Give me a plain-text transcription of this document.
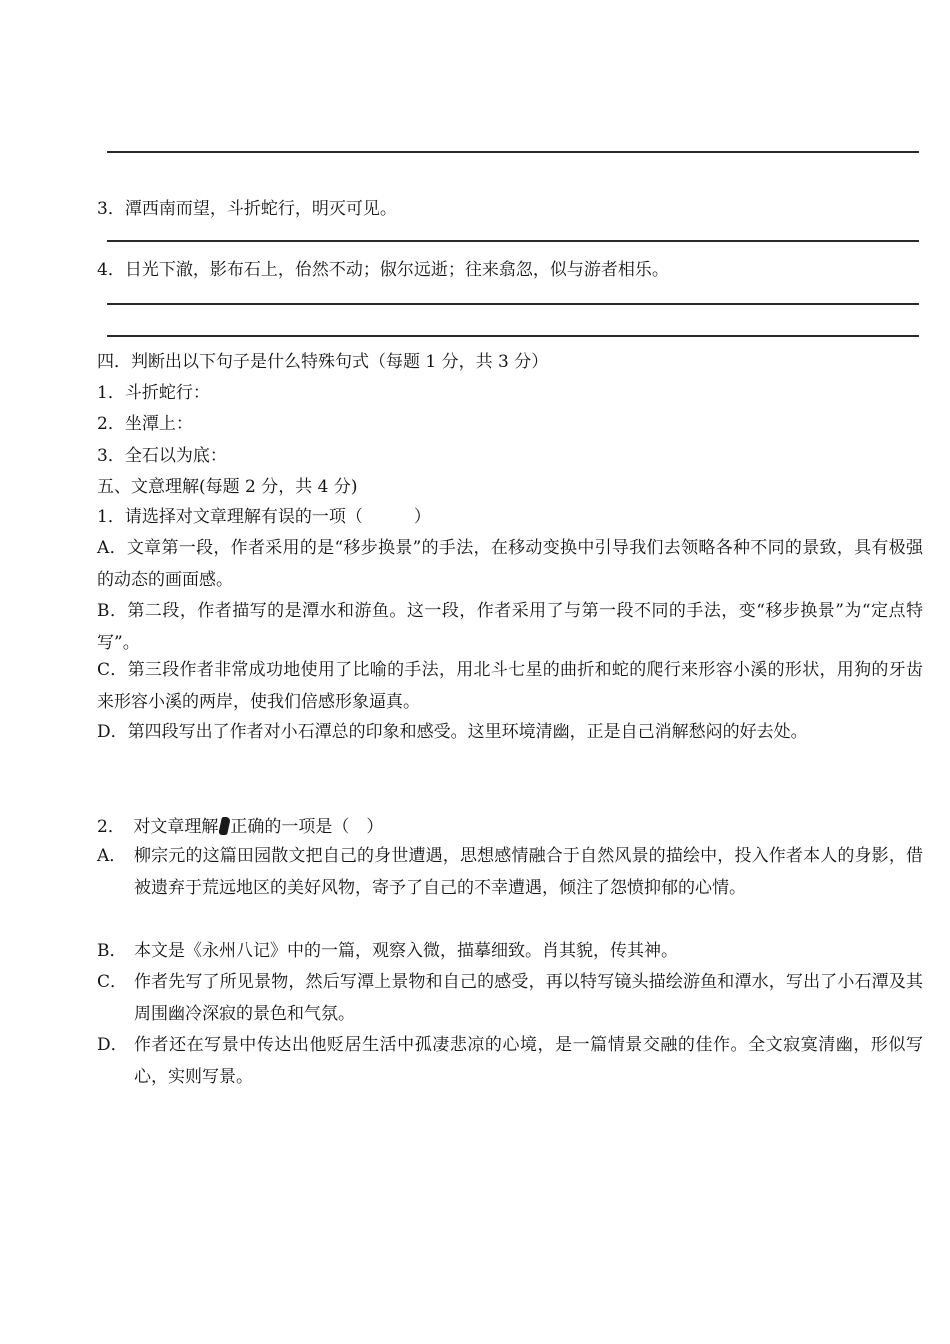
3．潭西南而望，斗折蛇行，明灭可见。
4．日光下澈，影布石上，佁然不动；俶尔远逝；往来翕忽，似与游者相乐。
四．判断出以下句子是什么特殊句式（每题 1 分，共 3 分）
1．斗折蛇行：
2．坐潭上：
3．全石以为底：
五、文意理解(每题 2 分，共 4 分)
1．请选择对文章理解有误的一项（　　　）
A．文章第一段，作者采用的是“移步换景”的手法，在移动变换中引导我们去领略各种不同的景致，具有极强的动态的画面感。
B．第二段，作者描写的是潭水和游鱼。这一段，作者采用了与第一段不同的手法，变“移步换景”为“定点特写”。
C．第三段作者非常成功地使用了比喻的手法，用北斗七星的曲折和蛇的爬行来形容小溪的形状，用狗的牙齿来形容小溪的两岸，使我们倍感形象逼真。
D．第四段写出了作者对小石潭总的印象和感受。这里环境清幽，正是自己消解愁闷的好去处。
2．　对文章理解 正确的一项是（　）
A． 柳宗元的这篇田园散文把自己的身世遭遇，思想感情融合于自然风景的描绘中，投入作者本人的身影，借被遗弃于荒远地区的美好风物，寄予了自己的不幸遭遇，倾注了怨愤抑郁的心情。
B． 本文是《永州八记》中的一篇，观察入微，描摹细致。肖其貌，传其神。
C． 作者先写了所见景物，然后写潭上景物和自己的感受，再以特写镜头描绘游鱼和潭水，写出了小石潭及其周围幽冷深寂的景色和气氛。
D． 作者还在写景中传达出他贬居生活中孤凄悲凉的心境，是一篇情景交融的佳作。全文寂寞清幽，形似写心，实则写景。
